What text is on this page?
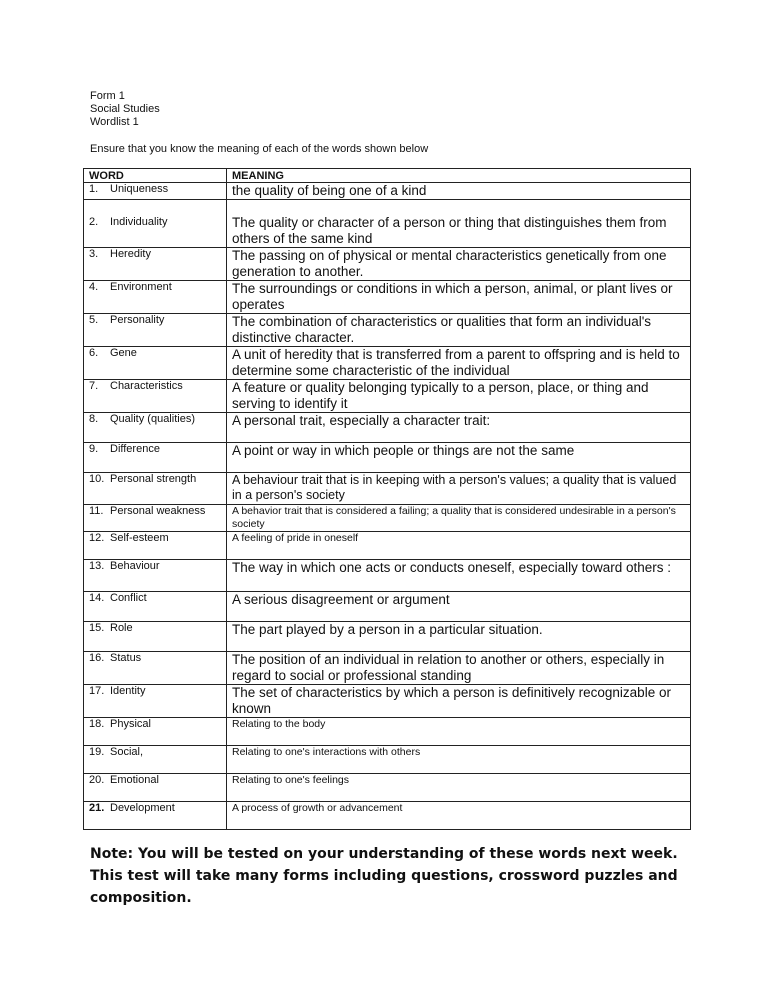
Form 1
Social Studies
Wordlist 1
Ensure that you know the meaning of each of the words shown below
WORD	MEANING
1. Uniqueness	the quality of being one of a kind
2. Individuality	The quality or character of a person or thing that distinguishes them from others of the same kind
3. Heredity	The passing on of physical or mental characteristics genetically from one generation to another.
4. Environment	The surroundings or conditions in which a person, animal, or plant lives or operates
5. Personality	The combination of characteristics or qualities that form an individual's distinctive character.
6. Gene	A unit of heredity that is transferred from a parent to offspring and is held to determine some characteristic of the individual
7. Characteristics	A feature or quality belonging typically to a person, place, or thing and serving to identify it
8. Quality (qualities)	A personal trait, especially a character trait:
9. Difference	A point or way in which people or things are not the same
10. Personal strength	A behaviour trait that is in keeping with a person's values; a quality that is valued in a person's society
11. Personal weakness	A behavior trait that is considered a failing; a quality that is considered undesirable in a person's society
12. Self-esteem	A feeling of pride in oneself
13. Behaviour	The way in which one acts or conducts oneself, especially toward others :
14. Conflict	A serious disagreement or argument
15. Role	The part played by a person in a particular situation.
16. Status	The position of an individual in relation to another or others, especially in regard to social or professional standing
17. Identity	The set of characteristics by which a person is definitively recognizable or known
18. Physical	Relating to the body
19. Social,	Relating to one's interactions with others
20. Emotional	Relating to one's feelings
21. Development	A process of growth or advancement
Note: You will be tested on your understanding of these words next week. This test will take many forms including questions, crossword puzzles and composition.
